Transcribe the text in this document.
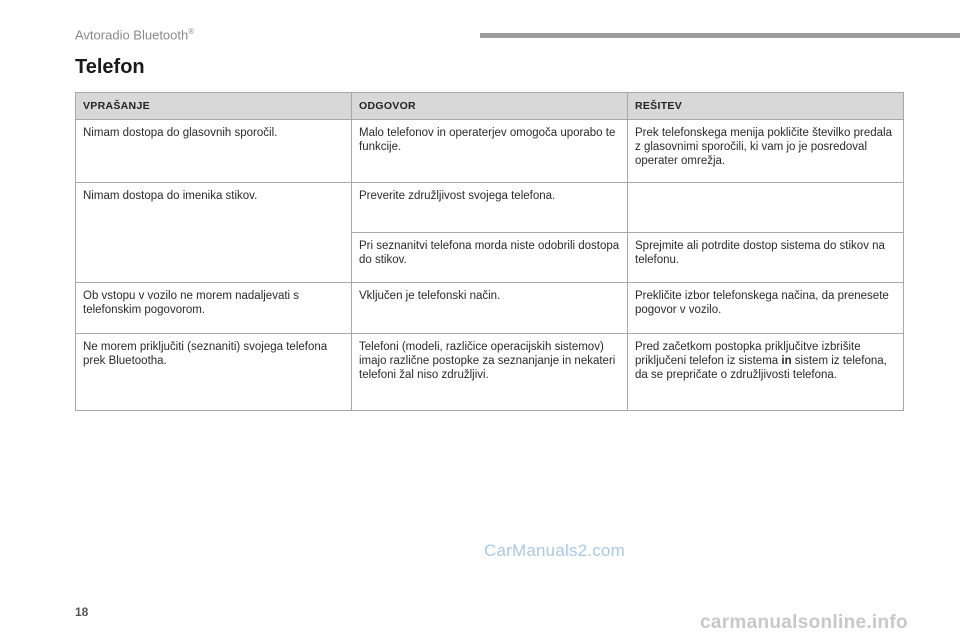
Avtoradio Bluetooth®
Telefon
VPRAŠANJE	ODGOVOR	REŠITEV
Nimam dostopa do glasovnih sporočil.	Malo telefonov in operaterjev omogoča uporabo te funkcije.	Prek telefonskega menija pokličite številko predala z glasovnimi sporočili, ki vam jo je posredoval operater omrežja.
Nimam dostopa do imenika stikov.	Preverite združljivost svojega telefona.	
	Pri seznanitvi telefona morda niste odobrili dostopa do stikov.	Sprejmite ali potrdite dostop sistema do stikov na telefonu.
Ob vstopu v vozilo ne morem nadaljevati s telefonskim pogovorom.	Vključen je telefonski način.	Prekličite izbor telefonskega načina, da prenesete pogovor v vozilo.
Ne morem priključiti (seznaniti) svojega telefona prek Bluetootha.	Telefoni (modeli, različice operacijskih sistemov) imajo različne postopke za seznanjanje in nekateri telefoni žal niso združljivi.	Pred začetkom postopka priključitve izbrišite priključeni telefon iz sistema in sistem iz telefona, da se prepričate o združljivosti telefona.
CarManuals2.com
18	carmanualsonline.info
